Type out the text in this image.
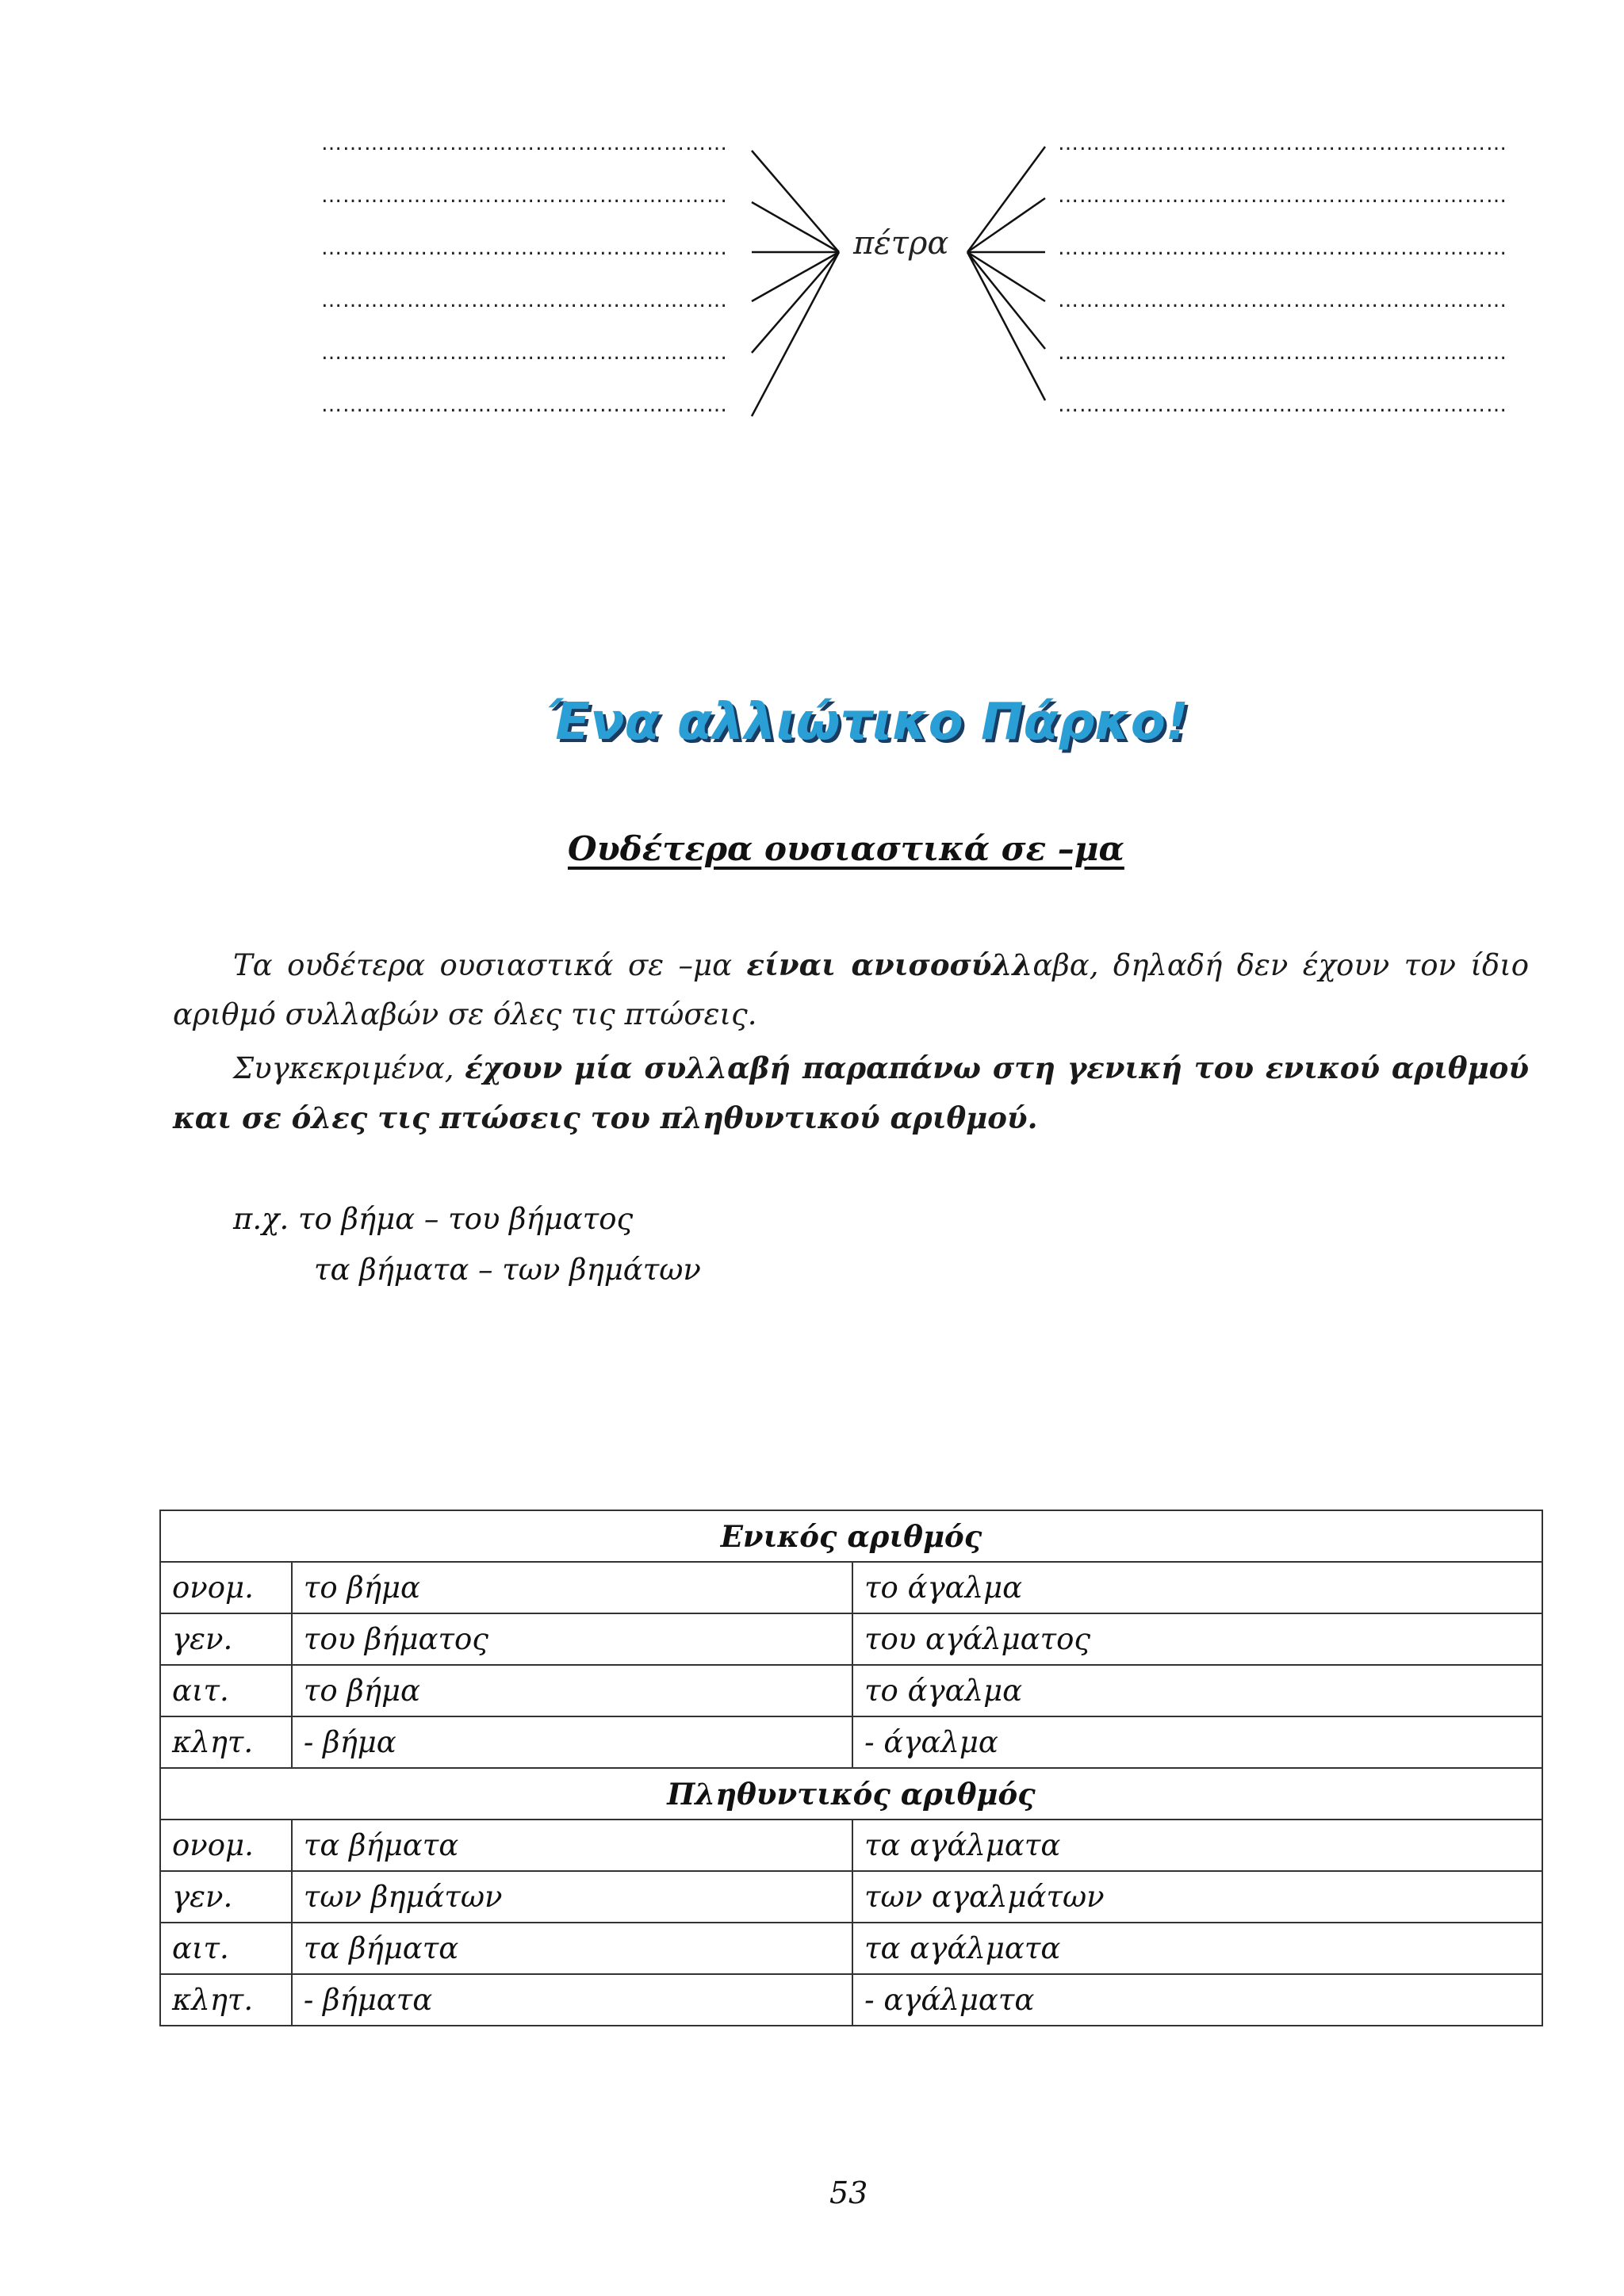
πέτρα
…………………………………………………
…………………………………………………
…………………………………………………
…………………………………………………
…………………………………………………
…………………………………………………
………………………………………………………
………………………………………………………
………………………………………………………
………………………………………………………
………………………………………………………
………………………………………………………
Ένα αλλιώτικο Πάρκο!
Ουδέτερα ουσιαστικά σε –μα
Τα ουδέτερα ουσιαστικά σε –μα είναι ανισοσύλλαβα, δηλαδή δεν έχουν τον ίδιο αριθμό συλλαβών σε όλες τις πτώσεις.
Συγκεκριμένα, έχουν μία συλλαβή παραπάνω στη γενική του ενικού αριθμού και σε όλες τις πτώσεις του πληθυντικού αριθμού.
π.χ. το βήμα – του βήματος
τα βήματα – των βημάτων
Ενικός αριθμός		
ονομ.	το βήμα	το άγαλμα
γεν.	του βήματος	του αγάλματος
αιτ.	το βήμα	το άγαλμα
κλητ.	- βήμα	- άγαλμα
Πληθυντικός αριθμός		
ονομ.	τα βήματα	τα αγάλματα
γεν.	των βημάτων	των αγαλμάτων
αιτ.	τα βήματα	τα αγάλματα
κλητ.	- βήματα	- αγάλματα
53
